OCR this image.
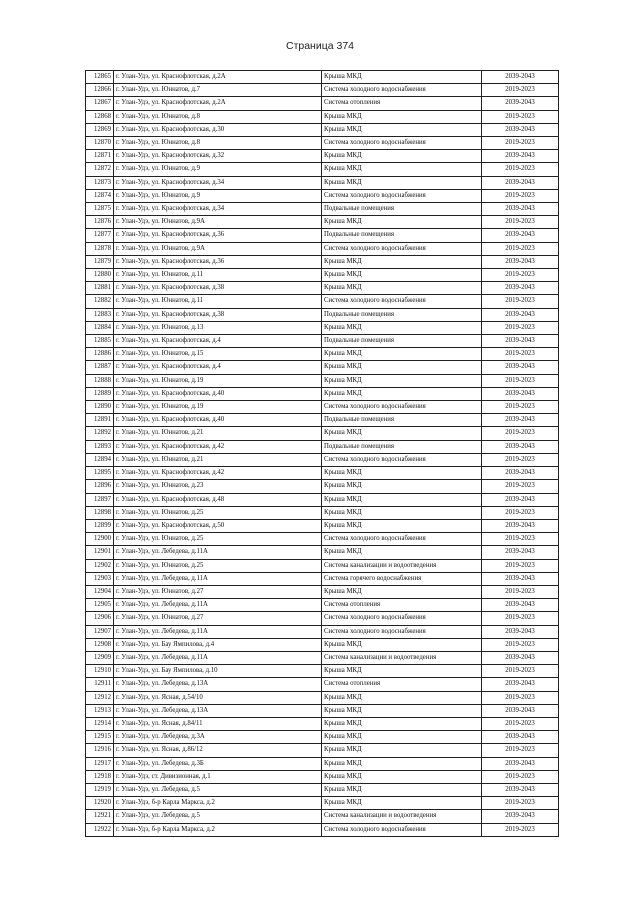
Страница 374
12865	г. Улан-Удэ, ул. Краснофлотская, д.2А	Крыша МКД	2039-2043
12866	г. Улан-Удэ, ул. Юннатов, д.7	Система холодного водоснабжения	2019-2023
12867	г. Улан-Удэ, ул. Краснофлотская, д.2А	Система отопления	2039-2043
12868	г. Улан-Удэ, ул. Юннатов, д.8	Крыша МКД	2019-2023
12869	г. Улан-Удэ, ул. Краснофлотская, д.30	Крыша МКД	2039-2043
12870	г. Улан-Удэ, ул. Юннатов, д.8	Система холодного водоснабжения	2019-2023
12871	г. Улан-Удэ, ул. Краснофлотская, д.32	Крыша МКД	2039-2043
12872	г. Улан-Удэ, ул. Юннатов, д.9	Крыша МКД	2019-2023
12873	г. Улан-Удэ, ул. Краснофлотская, д.34	Крыша МКД	2039-2043
12874	г. Улан-Удэ, ул. Юннатов, д.9	Система холодного водоснабжения	2019-2023
12875	г. Улан-Удэ, ул. Краснофлотская, д.34	Подвальные помещения	2039-2043
12876	г. Улан-Удэ, ул. Юннатов, д.9А	Крыша МКД	2019-2023
12877	г. Улан-Удэ, ул. Краснофлотская, д.36	Подвальные помещения	2039-2043
12878	г. Улан-Удэ, ул. Юннатов, д.9А	Система холодного водоснабжения	2019-2023
12879	г. Улан-Удэ, ул. Краснофлотская, д.36	Крыша МКД	2039-2043
12880	г. Улан-Удэ, ул. Юннатов, д.11	Крыша МКД	2019-2023
12881	г. Улан-Удэ, ул. Краснофлотская, д.38	Крыша МКД	2039-2043
12882	г. Улан-Удэ, ул. Юннатов, д.11	Система холодного водоснабжения	2019-2023
12883	г. Улан-Удэ, ул. Краснофлотская, д.38	Подвальные помещения	2039-2043
12884	г. Улан-Удэ, ул. Юннатов, д.13	Крыша МКД	2019-2023
12885	г. Улан-Удэ, ул. Краснофлотская, д.4	Подвальные помещения	2039-2043
12886	г. Улан-Удэ, ул. Юннатов, д.15	Крыша МКД	2019-2023
12887	г. Улан-Удэ, ул. Краснофлотская, д.4	Крыша МКД	2039-2043
12888	г. Улан-Удэ, ул. Юннатов, д.19	Крыша МКД	2019-2023
12889	г. Улан-Удэ, ул. Краснофлотская, д.40	Крыша МКД	2039-2043
12890	г. Улан-Удэ, ул. Юннатов, д.19	Система холодного водоснабжения	2019-2023
12891	г. Улан-Удэ, ул. Краснофлотская, д.40	Подвальные помещения	2039-2043
12892	г. Улан-Удэ, ул. Юннатов, д.21	Крыша МКД	2019-2023
12893	г. Улан-Удэ, ул. Краснофлотская, д.42	Подвальные помещения	2039-2043
12894	г. Улан-Удэ, ул. Юннатов, д.21	Система холодного водоснабжения	2019-2023
12895	г. Улан-Удэ, ул. Краснофлотская, д.42	Крыша МКД	2039-2043
12896	г. Улан-Удэ, ул. Юннатов, д.23	Крыша МКД	2019-2023
12897	г. Улан-Удэ, ул. Краснофлотская, д.48	Крыша МКД	2039-2043
12898	г. Улан-Удэ, ул. Юннатов, д.25	Крыша МКД	2019-2023
12899	г. Улан-Удэ, ул. Краснофлотская, д.50	Крыша МКД	2039-2043
12900	г. Улан-Удэ, ул. Юннатов, д.25	Система холодного водоснабжения	2019-2023
12901	г. Улан-Удэ, ул. Лебедева, д.11А	Крыша МКД	2039-2043
12902	г. Улан-Удэ, ул. Юннатов, д.25	Система канализации и водоотведения	2019-2023
12903	г. Улан-Удэ, ул. Лебедева, д.11А	Система горячего водоснабжения	2039-2043
12904	г. Улан-Удэ, ул. Юннатов, д.27	Крыша МКД	2019-2023
12905	г. Улан-Удэ, ул. Лебедева, д.11А	Система отопления	2039-2043
12906	г. Улан-Удэ, ул. Юннатов, д.27	Система холодного водоснабжения	2019-2023
12907	г. Улан-Удэ, ул. Лебедева, д.11А	Система холодного водоснабжения	2039-2043
12908	г. Улан-Удэ, ул. Бау Ямпилова, д.4	Крыша МКД	2019-2023
12909	г. Улан-Удэ, ул. Лебедева, д.11А	Система канализации и водоотведения	2039-2043
12910	г. Улан-Удэ, ул. Бау Ямпилова, д.10	Крыша МКД	2019-2023
12911	г. Улан-Удэ, ул. Лебедева, д.13А	Система отопления	2039-2043
12912	г. Улан-Удэ, ул. Ясная, д.54/10	Крыша МКД	2019-2023
12913	г. Улан-Удэ, ул. Лебедева, д.13А	Крыша МКД	2039-2043
12914	г. Улан-Удэ, ул. Ясная, д.84/11	Крыша МКД	2019-2023
12915	г. Улан-Удэ, ул. Лебедева, д.3А	Крыша МКД	2039-2043
12916	г. Улан-Удэ, ул. Ясная, д.86/12	Крыша МКД	2019-2023
12917	г. Улан-Удэ, ул. Лебедева, д.3Б	Крыша МКД	2039-2043
12918	г. Улан-Удэ, ст. Дивизионная, д.1	Крыша МКД	2019-2023
12919	г. Улан-Удэ, ул. Лебедева, д.5	Крыша МКД	2039-2043
12920	г. Улан-Удэ, б-р Карла Маркса, д.2	Крыша МКД	2019-2023
12921	г. Улан-Удэ, ул. Лебедева, д.5	Система канализации и водоотведения	2039-2043
12922	г. Улан-Удэ, б-р Карла Маркса, д.2	Система холодного водоснабжения	2019-2023
